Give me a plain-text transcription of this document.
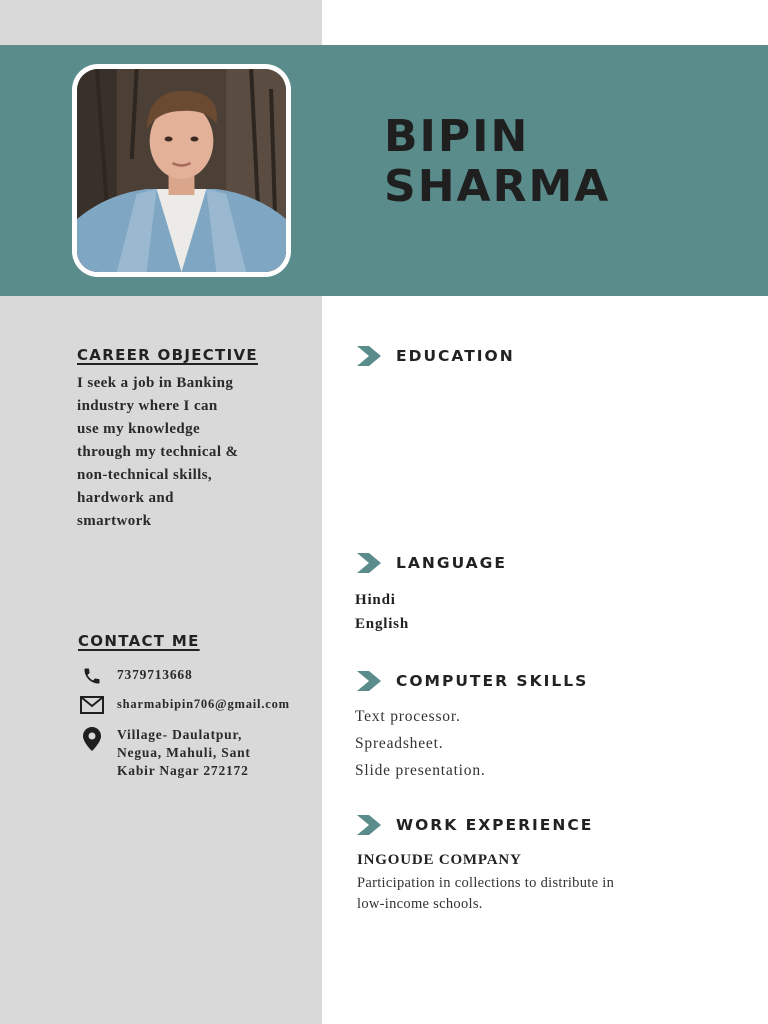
BIPIN
SHARMA
CAREER OBJECTIVE
I seek a job in Banking
industry where I can
use my knowledge
through my technical &
non-technical skills,
hardwork and
smartwork
CONTACT ME
7379713668
sharmabipin706@gmail.com
Village- Daulatpur,
Negua, Mahuli, Sant
Kabir Nagar 272172
EDUCATION
LANGUAGE
Hindi
English
COMPUTER SKILLS
Text processor.
Spreadsheet.
Slide presentation.
WORK EXPERIENCE
INGOUDE COMPANY
Participation in collections to distribute in
low-income schools.
